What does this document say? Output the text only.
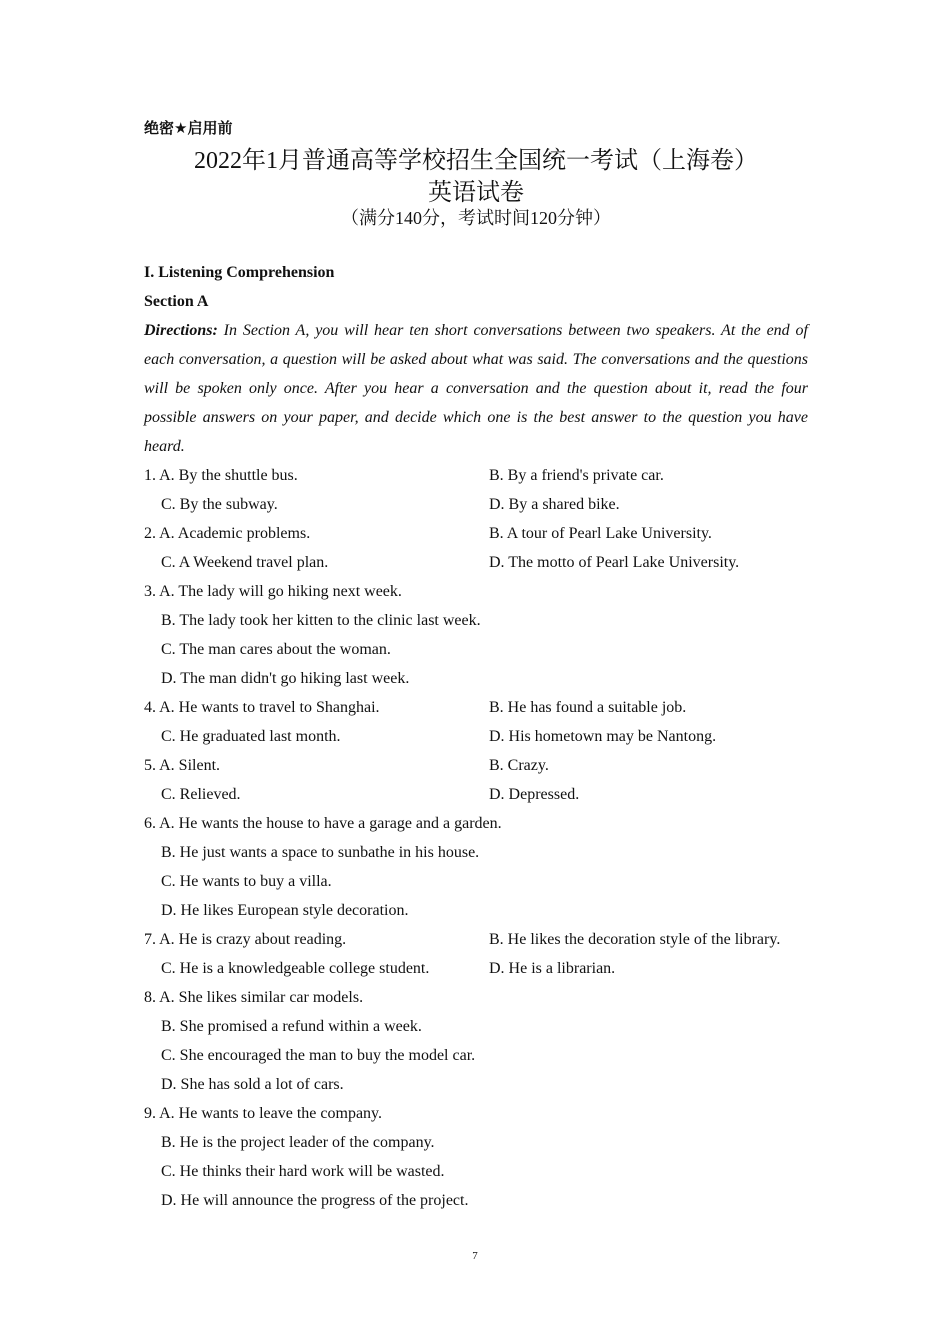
绝密★启用前
2022年1月普通高等学校招生全国统一考试（上海卷）
英语试卷
（满分140分，考试时间120分钟）
I. Listening Comprehension
Section A
Directions: In Section A, you will hear ten short conversations between two speakers. At the end of each conversation, a question will be asked about what was said. The conversations and the questions will be spoken only once. After you hear a conversation and the question about it, read the four possible answers on your paper, and decide which one is the best answer to the question you have heard.
1. A. By the shuttle bus.	B. By a friend's private car.
C. By the subway.	D. By a shared bike.
2. A. Academic problems.	B. A tour of Pearl Lake University.
C. A Weekend travel plan.	D. The motto of Pearl Lake University.
3. A. The lady will go hiking next week.
B. The lady took her kitten to the clinic last week.
C. The man cares about the woman.
D. The man didn't go hiking last week.
4. A. He wants to travel to Shanghai.	B. He has found a suitable job.
C. He graduated last month.	D. His hometown may be Nantong.
5. A. Silent.	B. Crazy.
C. Relieved.	D. Depressed.
6. A. He wants the house to have a garage and a garden.
B. He just wants a space to sunbathe in his house.
C. He wants to buy a villa.
D. He likes European style decoration.
7. A. He is crazy about reading.	B. He likes the decoration style of the library.
C. He is a knowledgeable college student.	D. He is a librarian.
8. A. She likes similar car models.
B. She promised a refund within a week.
C. She encouraged the man to buy the model car.
D. She has sold a lot of cars.
9. A. He wants to leave the company.
B. He is the project leader of the company.
C. He thinks their hard work will be wasted.
D. He will announce the progress of the project.
7
